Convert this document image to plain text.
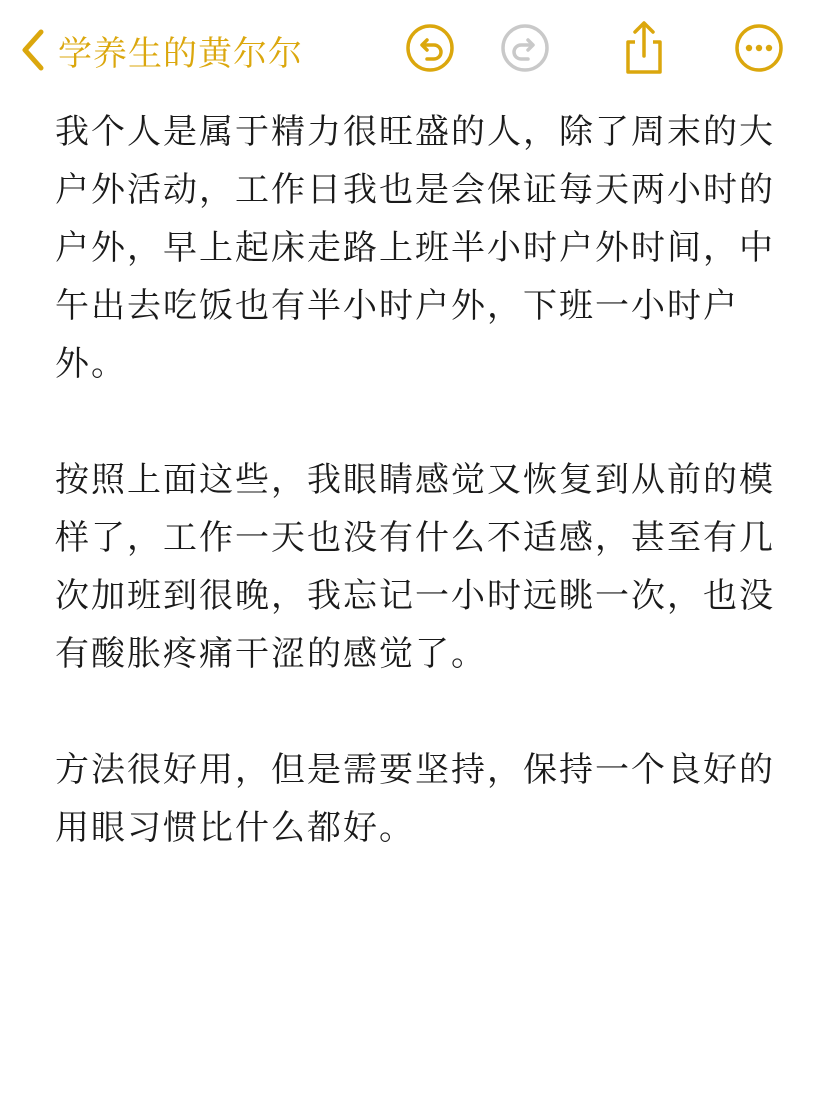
学养生的黄尔尔

我个人是属于精力很旺盛的人，除了周末的大户外活动，工作日我也是会保证每天两小时的户外，早上起床走路上班半小时户外时间，中午出去吃饭也有半小时户外，下班一小时户外。

按照上面这些，我眼睛感觉又恢复到从前的模样了，工作一天也没有什么不适感，甚至有几次加班到很晚，我忘记一小时远眺一次，也没有酸胀疼痛干涩的感觉了。

方法很好用，但是需要坚持，保持一个良好的用眼习惯比什么都好。
